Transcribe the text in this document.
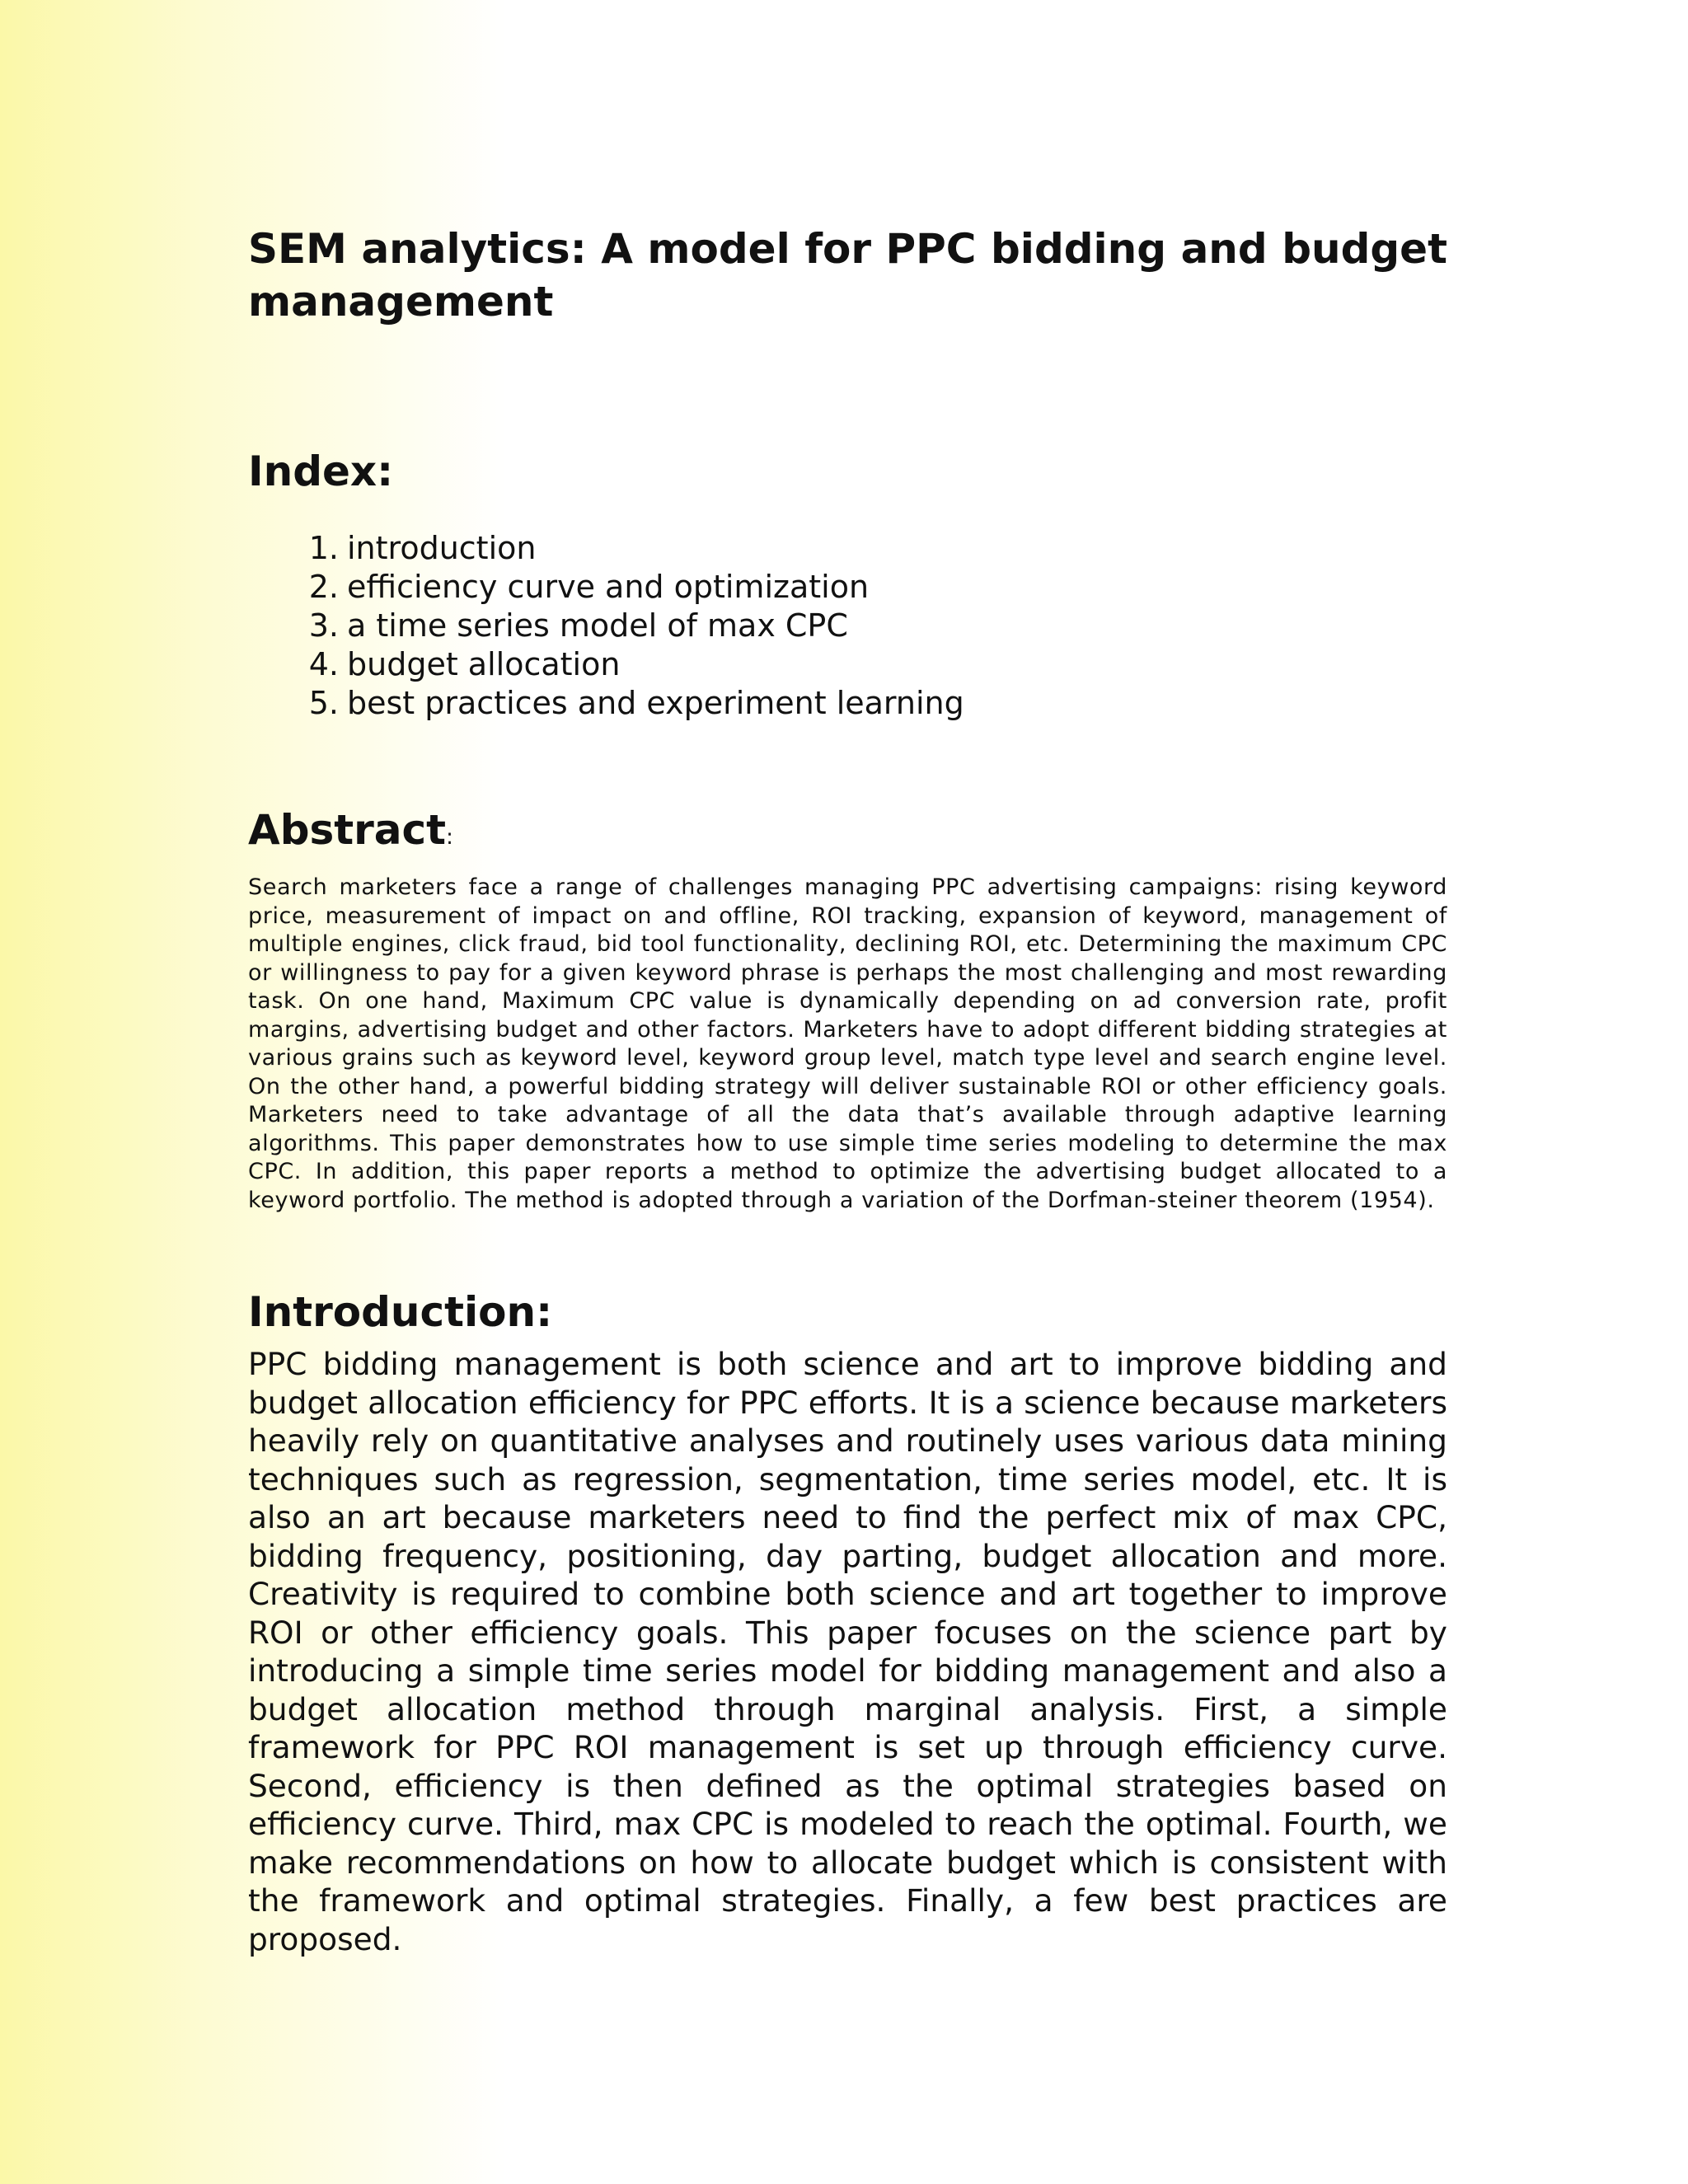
SEM analytics: A model for PPC bidding and budget management
Index:
1. introduction
2. efficiency curve and optimization
3. a time series model of max CPC
4. budget allocation
5. best practices and experiment learning
Abstract:

Search marketers face a range of challenges managing PPC advertising campaigns: rising keyword price, measurement of impact on and offline, ROI tracking, expansion of keyword, management of multiple engines, click fraud, bid tool functionality, declining ROI, etc. Determining the maximum CPC or willingness to pay for a given keyword phrase is perhaps the most challenging and most rewarding task. On one hand, Maximum CPC value is dynamically depending on ad conversion rate, profit margins, advertising budget and other factors. Marketers have to adopt different bidding strategies at various grains such as keyword level, keyword group level, match type level and search engine level. On the other hand, a powerful bidding strategy will deliver sustainable ROI or other efficiency goals. Marketers need to take advantage of all the data that’s available through adaptive learning algorithms. This paper demonstrates how to use simple time series modeling to determine the max CPC. In addition, this paper reports a method to optimize the advertising budget allocated to a keyword portfolio. The method is adopted through a variation of the Dorfman-steiner theorem (1954).

Introduction:

PPC bidding management is both science and art to improve bidding and budget allocation efficiency for PPC efforts. It is a science because marketers heavily rely on quantitative analyses and routinely uses various data mining techniques such as regression, segmentation, time series model, etc. It is also an art because marketers need to find the perfect mix of max CPC, bidding frequency, positioning, day parting, budget allocation and more. Creativity is required to combine both science and art together to improve ROI or other efficiency goals. This paper focuses on the science part by introducing a simple time series model for bidding management and also a budget allocation method through marginal analysis. First, a simple framework for PPC ROI management is set up through efficiency curve. Second, efficiency is then defined as the optimal strategies based on efficiency curve. Third, max CPC is modeled to reach the optimal. Fourth, we make recommendations on how to allocate budget which is consistent with the framework and optimal strategies. Finally, a few best practices are proposed.
